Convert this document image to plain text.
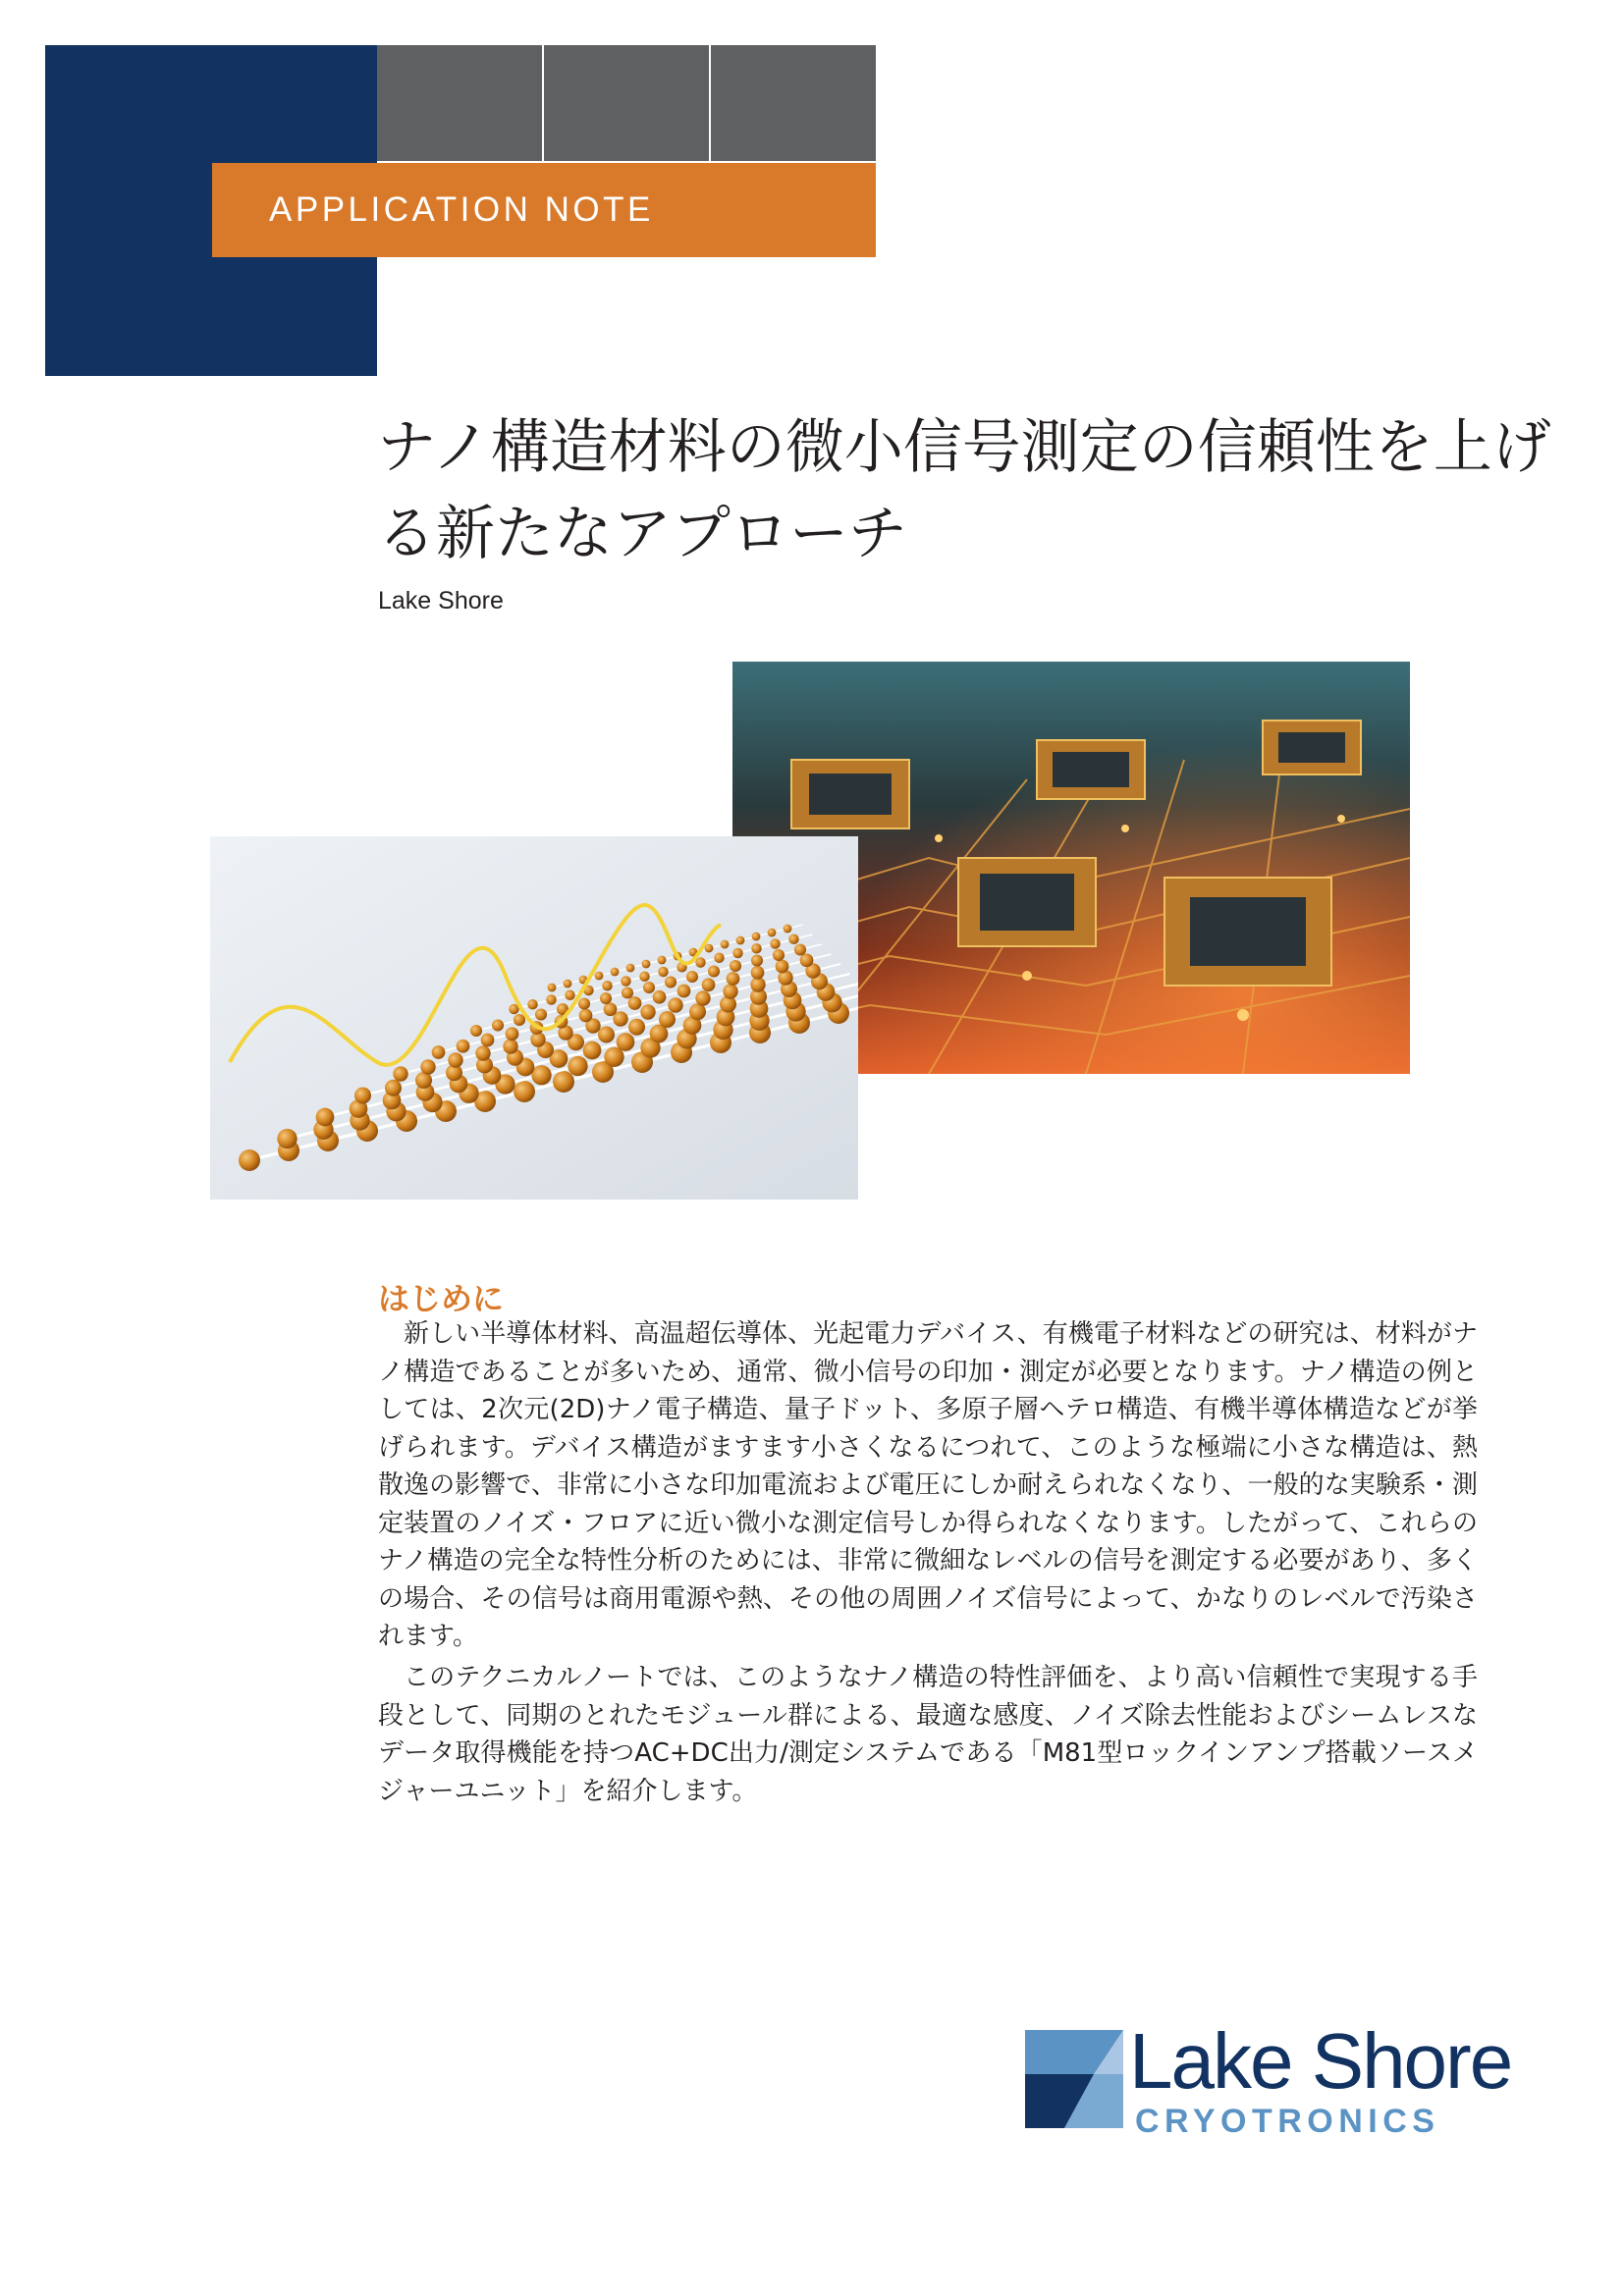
APPLICATION NOTE
ナノ構造材料の微小信号測定の信頼性を上げる新たなアプローチ
Lake Shore
はじめに

新しい半導体材料、高温超伝導体、光起電力デバイス、有機電子材料などの研究は、材料がナノ構造であることが多いため、通常、微小信号の印加・測定が必要となります。ナノ構造の例としては、2次元(2D)ナノ電子構造、量子ドット、多原子層ヘテロ構造、有機半導体構造などが挙げられます。デバイス構造がますます小さくなるにつれて、このような極端に小さな構造は、熱散逸の影響で、非常に小さな印加電流および電圧にしか耐えられなくなり、一般的な実験系・測定装置のノイズ・フロアに近い微小な測定信号しか得られなくなります。したがって、これらのナノ構造の完全な特性分析のためには、非常に微細なレベルの信号を測定する必要があり、多くの場合、その信号は商用電源や熱、その他の周囲ノイズ信号によって、かなりのレベルで汚染されます。

このテクニカルノートでは、このようなナノ構造の特性評価を、より高い信頼性で実現する手段として、同期のとれたモジュール群による、最適な感度、ノイズ除去性能およびシームレスなデータ取得機能を持つAC+DC出力/測定システムである「M81型ロックインアンプ搭載ソースメジャーユニット」を紹介します。

Lake Shore
CRYOTRONICS
